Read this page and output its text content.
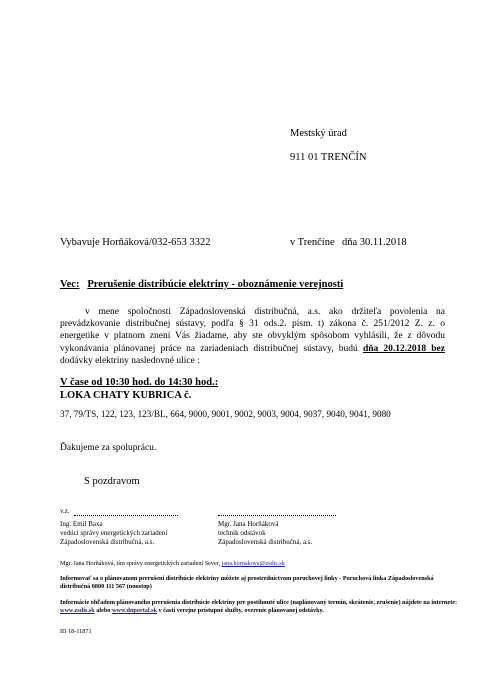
Mestský úrad
911 01 TRENČÍN
Vybavuje Horňáková/032-653 3322	v Trenčíne dňa 30.11.2018
Vec: Prerušenie distribúcie elektriny - oboznámenie verejnosti
v mene spoločnosti Západoslovenská distribučná, a.s. ako držiteľa povolenia na prevádzkovanie distribučnej sústavy, podľa § 31 ods.2. písm. t) zákona č. 251/2012 Z. z. o energetike v platnom znení Vás žiadame, aby ste obvyklým spôsobom vyhlásili, že z dôvodu vykonávania plánovanej práce na zariadeniach distribučnej sústavy, budú dňa 20.12.2018 bez dodávky elektriny nasledovné ulice :
V čase od 10:30 hod. do 14:30 hod.:
LOKA CHATY KUBRICA č.
37, 79/TS, 122, 123, 123/BL, 664, 9000, 9001, 9002, 9003, 9004, 9037, 9040, 9041, 9080
Ďakujeme za spoluprácu.
S pozdravom
v.z.
Ing. Emil Baxa
vedúci správy energetických zariadení
Západoslovenská distribučná, a.s.
Mgr. Jana Horňáková
technik odstávok
Západoslovenská distribučná, a.s.
Mgr. Jana Horňáková, tím správy energetických zariadení Sever, jana.hornakova@zsdis.sk
Informovať sa o plánovanom prerušení distribúcie elektriny môžete aj prostredníctvom poruchovej linky - Poruchová linka Západoslovenská distribučná 0800 111 567 (nonstop)
Informácie ohľadom plánovaného prerušenia distribúcie elektriny pre postihnuté ulice (naplánovaný termín, skrátenie, zrušenie) nájdete na internete: www.zsdis.sk alebo www.dnportal.sk v časti verejne prístupné služby, overenie plánovanej odstávky.
ID 18-11871
